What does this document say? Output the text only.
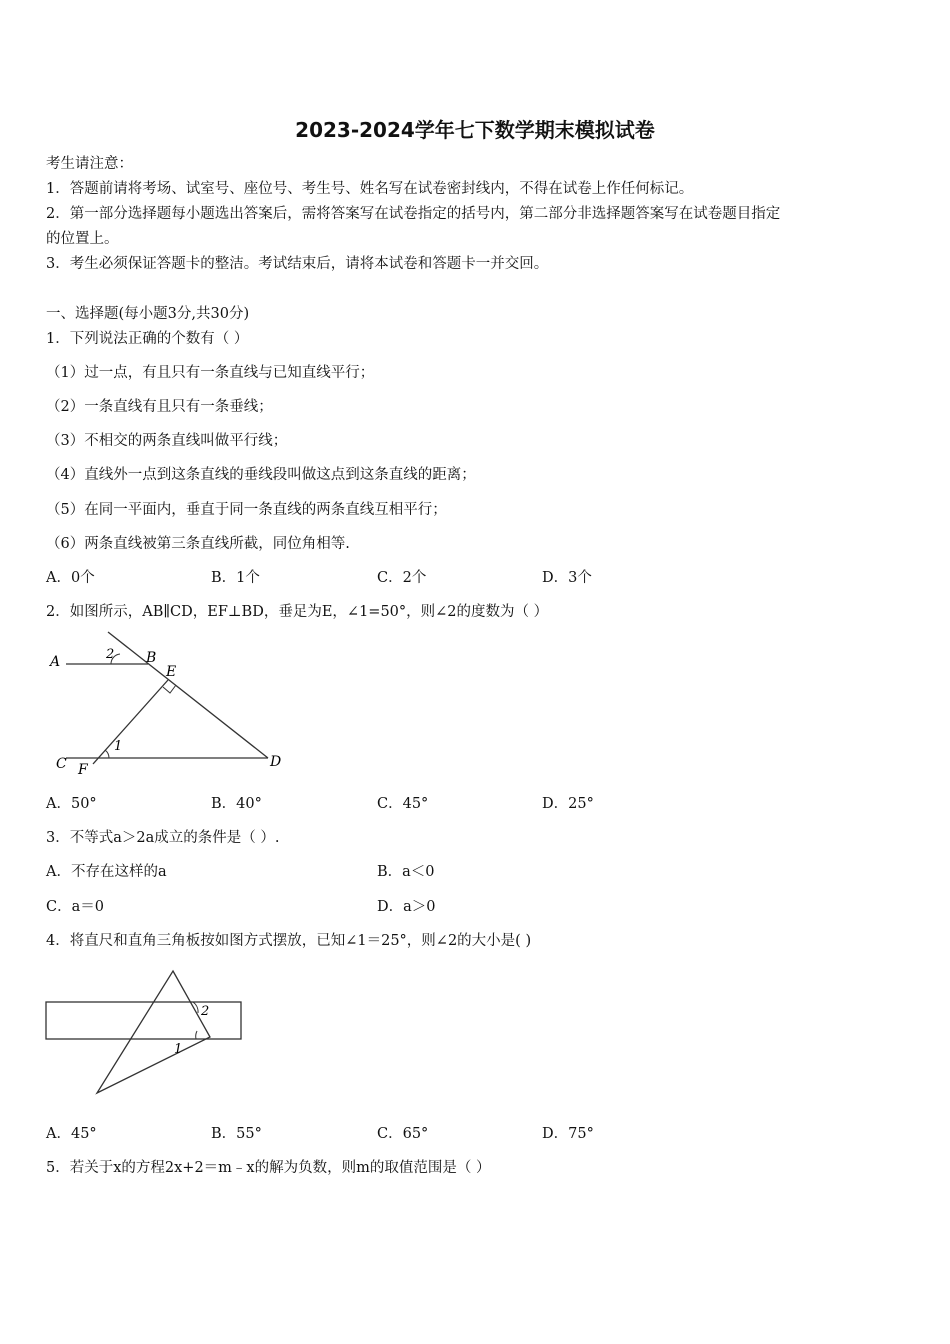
2023-2024学年七下数学期末模拟试卷
考生请注意：
1．答题前请将考场、试室号、座位号、考生号、姓名写在试卷密封线内，不得在试卷上作任何标记。
2．第一部分选择题每小题选出答案后，需将答案写在试卷指定的括号内，第二部分非选择题答案写在试卷题目指定
的位置上。
3．考生必须保证答题卡的整洁。考试结束后，请将本试卷和答题卡一并交回。
一、选择题(每小题3分,共30分)
1．下列说法正确的个数有（ ）
（1）过一点，有且只有一条直线与已知直线平行；
（2）一条直线有且只有一条垂线；
（3）不相交的两条直线叫做平行线；
（4）直线外一点到这条直线的垂线段叫做这点到这条直线的距离；
（5）在同一平面内，垂直于同一条直线的两条直线互相平行；
（6）两条直线被第三条直线所截，同位角相等.
A．0个	B．1个	C．2个	D．3个
2．如图所示，AB∥CD，EF⊥BD，垂足为E，∠1=50°，则∠2的度数为（ ）
A	2 B
E
1
C F	D
A．50°	B．40°	C．45°	D．25°
3．不等式a＞2a成立的条件是（ ）.
A．不存在这样的a	B．a＜0
C．a＝0	D．a＞0
4．将直尺和直角三角板按如图方式摆放，已知∠1＝25°，则∠2的大小是( )
2
1
A．45°	B．55°	C．65°	D．75°
5．若关于x的方程2x+2＝m﹣x的解为负数，则m的取值范围是（ ）
